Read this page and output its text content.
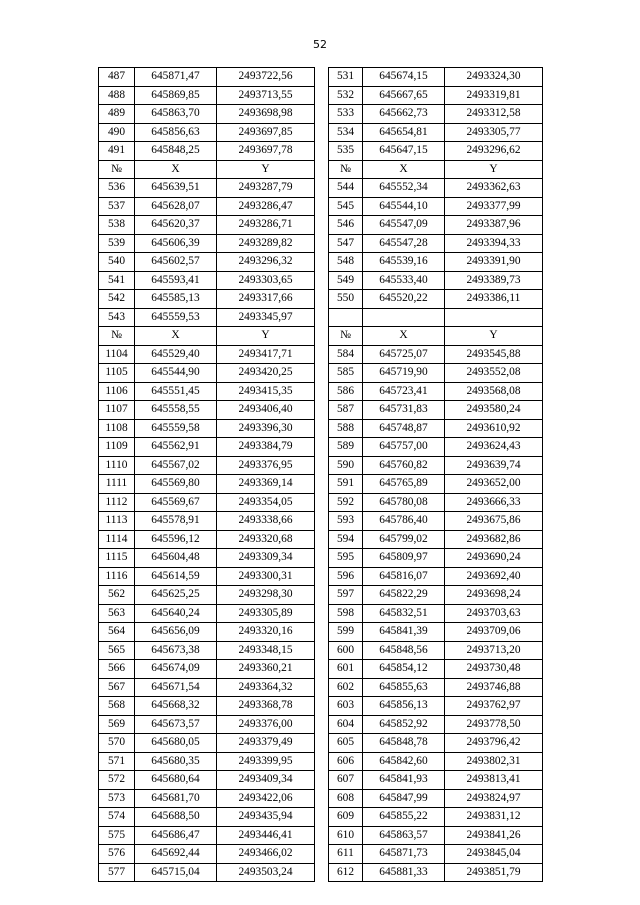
52
487	645871,47	2493722,56		531	645674,15	2493324,30
488	645869,85	2493713,55		532	645667,65	2493319,81
489	645863,70	2493698,98		533	645662,73	2493312,58
490	645856,63	2493697,85		534	645654,81	2493305,77
491	645848,25	2493697,78		535	645647,15	2493296,62
№	X	Y		№	X	Y
536	645639,51	2493287,79		544	645552,34	2493362,63
537	645628,07	2493286,47		545	645544,10	2493377,99
538	645620,37	2493286,71		546	645547,09	2493387,96
539	645606,39	2493289,82		547	645547,28	2493394,33
540	645602,57	2493296,32		548	645539,16	2493391,90
541	645593,41	2493303,65		549	645533,40	2493389,73
542	645585,13	2493317,66		550	645520,22	2493386,11
543	645559,53	2493345,97				
№	X	Y		№	X	Y
1104	645529,40	2493417,71		584	645725,07	2493545,88
1105	645544,90	2493420,25		585	645719,90	2493552,08
1106	645551,45	2493415,35		586	645723,41	2493568,08
1107	645558,55	2493406,40		587	645731,83	2493580,24
1108	645559,58	2493396,30		588	645748,87	2493610,92
1109	645562,91	2493384,79		589	645757,00	2493624,43
1110	645567,02	2493376,95		590	645760,82	2493639,74
1111	645569,80	2493369,14		591	645765,89	2493652,00
1112	645569,67	2493354,05		592	645780,08	2493666,33
1113	645578,91	2493338,66		593	645786,40	2493675,86
1114	645596,12	2493320,68		594	645799,02	2493682,86
1115	645604,48	2493309,34		595	645809,97	2493690,24
1116	645614,59	2493300,31		596	645816,07	2493692,40
562	645625,25	2493298,30		597	645822,29	2493698,24
563	645640,24	2493305,89		598	645832,51	2493703,63
564	645656,09	2493320,16		599	645841,39	2493709,06
565	645673,38	2493348,15		600	645848,56	2493713,20
566	645674,09	2493360,21		601	645854,12	2493730,48
567	645671,54	2493364,32		602	645855,63	2493746,88
568	645668,32	2493368,78		603	645856,13	2493762,97
569	645673,57	2493376,00		604	645852,92	2493778,50
570	645680,05	2493379,49		605	645848,78	2493796,42
571	645680,35	2493399,95		606	645842,60	2493802,31
572	645680,64	2493409,34		607	645841,93	2493813,41
573	645681,70	2493422,06		608	645847,99	2493824,97
574	645688,50	2493435,94		609	645855,22	2493831,12
575	645686,47	2493446,41		610	645863,57	2493841,26
576	645692,44	2493466,02		611	645871,73	2493845,04
577	645715,04	2493503,24		612	645881,33	2493851,79
